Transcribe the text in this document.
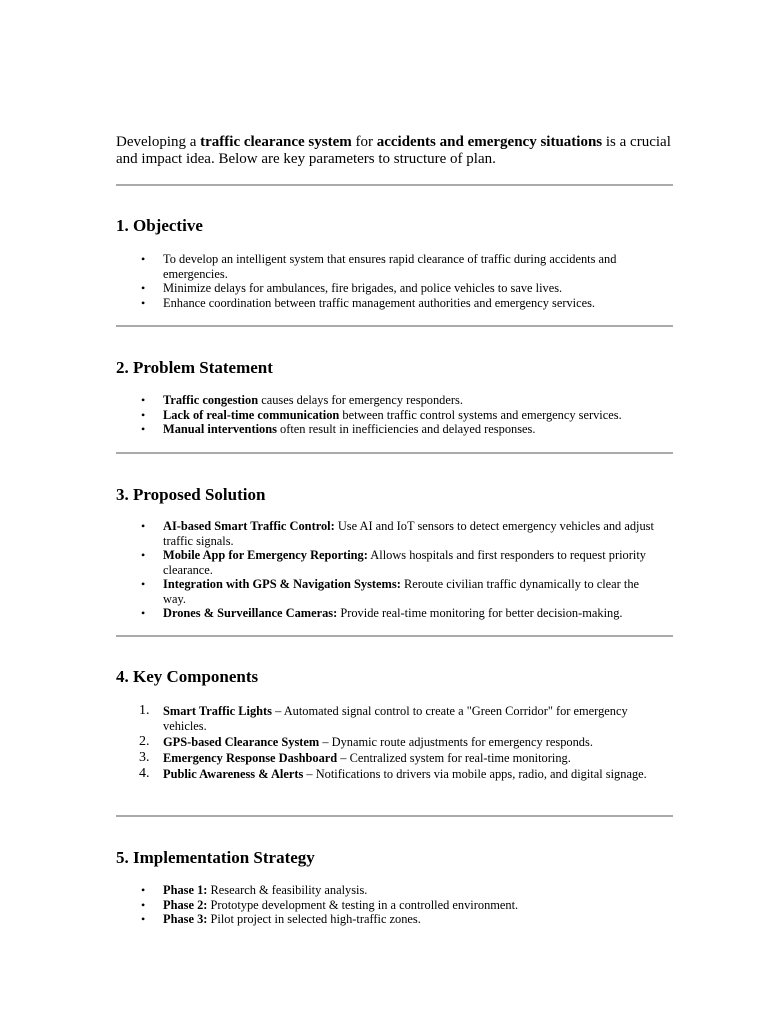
Developing a traffic clearance system for accidents and emergency situations is a crucial and impact idea. Below are key parameters to structure of plan.

1. Objective
• To develop an intelligent system that ensures rapid clearance of traffic during accidents and emergencies.
• Minimize delays for ambulances, fire brigades, and police vehicles to save lives.
• Enhance coordination between traffic management authorities and emergency services.
2. Problem Statement
• Traffic congestion causes delays for emergency responders.
• Lack of real-time communication between traffic control systems and emergency services.
• Manual interventions often result in inefficiencies and delayed responses.
3. Proposed Solution
• AI-based Smart Traffic Control: Use AI and IoT sensors to detect emergency vehicles and adjust traffic signals.
• Mobile App for Emergency Reporting: Allows hospitals and first responders to request priority clearance.
• Integration with GPS & Navigation Systems: Reroute civilian traffic dynamically to clear the way.
• Drones & Surveillance Cameras: Provide real-time monitoring for better decision-making.
4. Key Components
1. Smart Traffic Lights – Automated signal control to create a "Green Corridor" for emergency vehicles.
2. GPS-based Clearance System – Dynamic route adjustments for emergency responds.
3. Emergency Response Dashboard – Centralized system for real-time monitoring.
4. Public Awareness & Alerts – Notifications to drivers via mobile apps, radio, and digital signage.
5. Implementation Strategy
• Phase 1: Research & feasibility analysis.
• Phase 2: Prototype development & testing in a controlled environment.
• Phase 3: Pilot project in selected high-traffic zones.
